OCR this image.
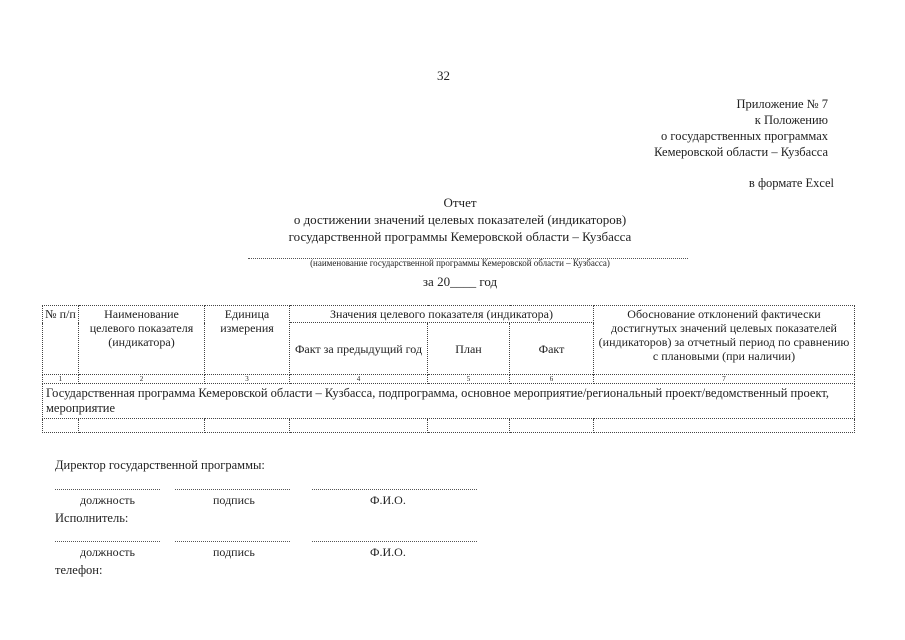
32
Приложение № 7
к Положению
о государственных программах
Кемеровской области – Кузбасса
в формате Excel
Отчет
о достижении значений целевых показателей (индикаторов)
государственной программы Кемеровской области – Кузбасса
(наименование государственной программы Кемеровской области – Кузбасса)
за 20____ год
№ п/п	Наименование целевого показателя (индикатора)	Единица измерения	Значения целевого показателя (индикатора)			Обоснование отклонений фактически достигнутых значений целевых показателей (индикаторов) за отчетный период по сравнению с плановыми (при наличии)
			Факт за предыдущий год	План	Факт	
1	2	3	4	5	6	7
Государственная программа Кемеровской области – Кузбасса, подпрограмма, основное мероприятие/региональный проект/ведомственный проект, мероприятие						

Директор государственной программы:
должность	подпись	Ф.И.О.
Исполнитель:
должность	подпись	Ф.И.О.
телефон:
